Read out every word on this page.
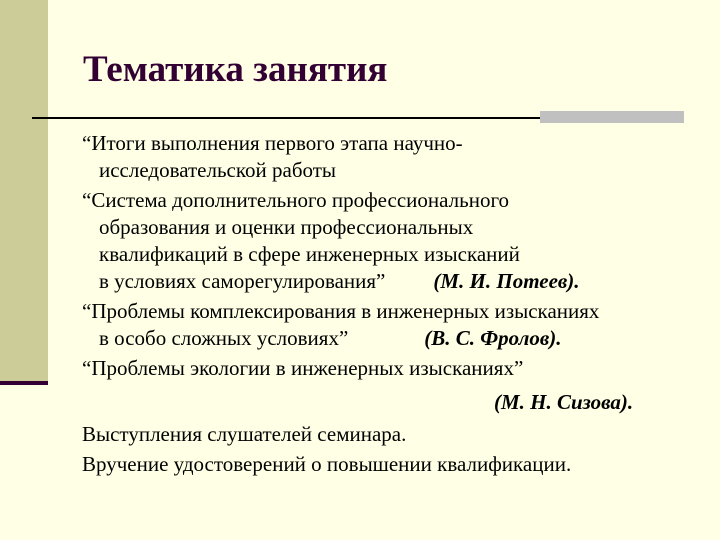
Тематика занятия

“Итоги выполнения первого этапа научно-
исследовательской работы

“Система дополнительного профессионального
образования и оценки профессиональных
квалификаций в сфере инженерных изысканий
в условиях саморегулирования” (М. И. Потеев).

“Проблемы комплексирования в инженерных изысканиях
в особо сложных условиях”	(В. С. Фролов).

“Проблемы экологии в инженерных изысканиях”

(М. Н. Сизова).

Выступления слушателей семинара.

Вручение удостоверений о повышении квалификации.
